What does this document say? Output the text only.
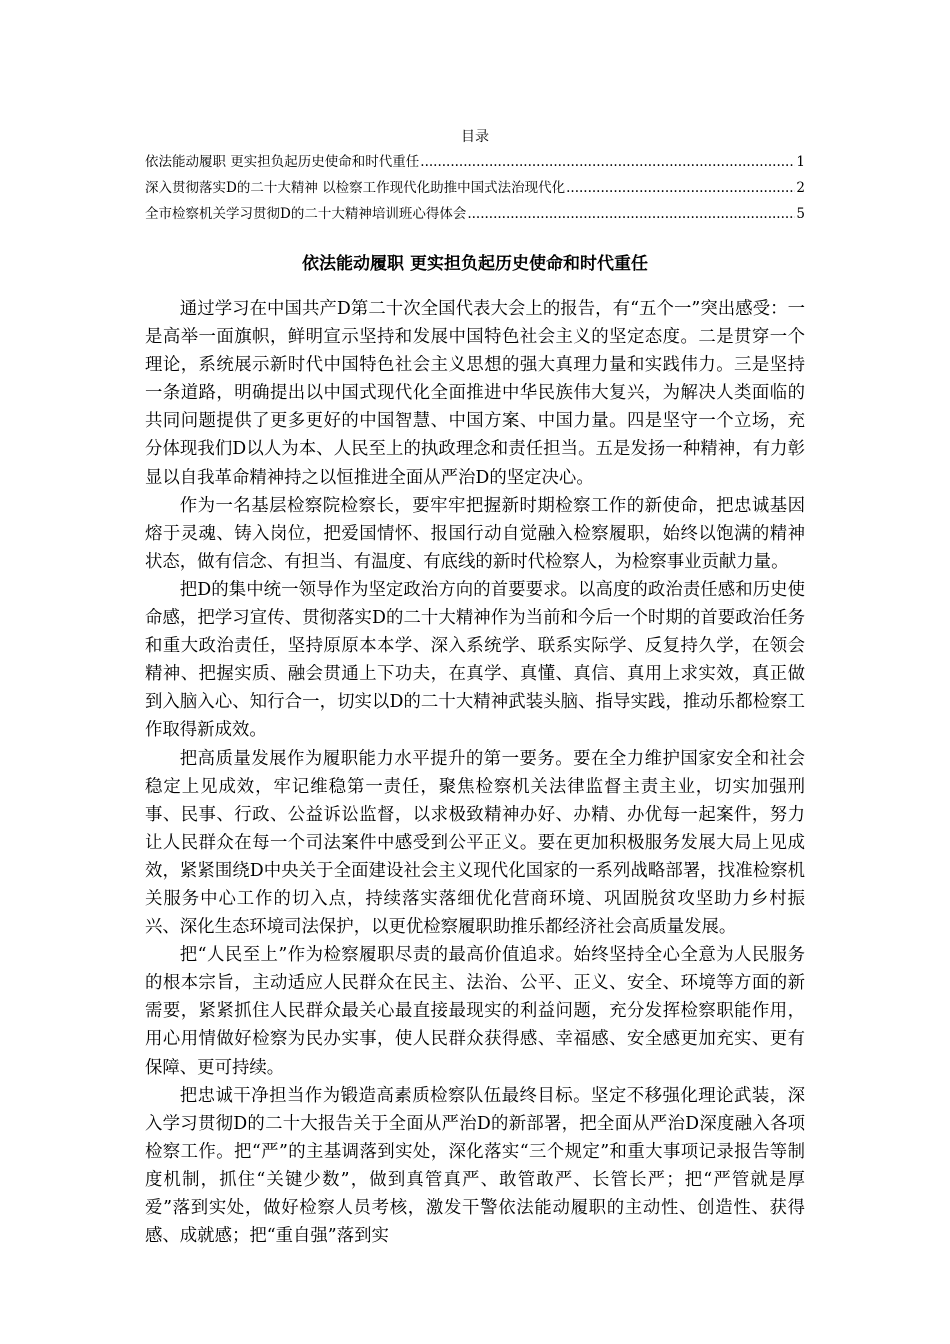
目录
依法能动履职 更实担负起历史使命和时代重任 .....	1
深入贯彻落实D的二十大精神 以检察工作现代化助推中国式法治现代化 .....	2
全市检察机关学习贯彻D的二十大精神培训班心得体会 .....	5
依法能动履职 更实担负起历史使命和时代重任

通过学习在中国共产D第二十次全国代表大会上的报告，有“五个一”突出感受：一是高举一面旗帜，鲜明宣示坚持和发展中国特色社会主义的坚定态度。二是贯穿一个理论，系统展示新时代中国特色社会主义思想的强大真理力量和实践伟力。三是坚持一条道路，明确提出以中国式现代化全面推进中华民族伟大复兴，为解决人类面临的共同问题提供了更多更好的中国智慧、中国方案、中国力量。四是坚守一个立场，充分体现我们D以人为本、人民至上的执政理念和责任担当。五是发扬一种精神，有力彰显以自我革命精神持之以恒推进全面从严治D的坚定决心。

作为一名基层检察院检察长，要牢牢把握新时期检察工作的新使命，把忠诚基因熔于灵魂、铸入岗位，把爱国情怀、报国行动自觉融入检察履职，始终以饱满的精神状态，做有信念、有担当、有温度、有底线的新时代检察人，为检察事业贡献力量。

把D的集中统一领导作为坚定政治方向的首要要求。以高度的政治责任感和历史使命感，把学习宣传、贯彻落实D的二十大精神作为当前和今后一个时期的首要政治任务和重大政治责任，坚持原原本本学、深入系统学、联系实际学、反复持久学，在领会精神、把握实质、融会贯通上下功夫，在真学、真懂、真信、真用上求实效，真正做到入脑入心、知行合一，切实以D的二十大精神武装头脑、指导实践，推动乐都检察工作取得新成效。

把高质量发展作为履职能力水平提升的第一要务。要在全力维护国家安全和社会稳定上见成效，牢记维稳第一责任，聚焦检察机关法律监督主责主业，切实加强刑事、民事、行政、公益诉讼监督，以求极致精神办好、办精、办优每一起案件，努力让人民群众在每一个司法案件中感受到公平正义。要在更加积极服务发展大局上见成效，紧紧围绕D中央关于全面建设社会主义现代化国家的一系列战略部署，找准检察机关服务中心工作的切入点，持续落实落细优化营商环境、巩固脱贫攻坚助力乡村振兴、深化生态环境司法保护，以更优检察履职助推乐都经济社会高质量发展。

把“人民至上”作为检察履职尽责的最高价值追求。始终坚持全心全意为人民服务的根本宗旨，主动适应人民群众在民主、法治、公平、正义、安全、环境等方面的新需要，紧紧抓住人民群众最关心最直接最现实的利益问题，充分发挥检察职能作用，用心用情做好检察为民办实事，使人民群众获得感、幸福感、安全感更加充实、更有保障、更可持续。

把忠诚干净担当作为锻造高素质检察队伍最终目标。坚定不移强化理论武装，深入学习贯彻D的二十大报告关于全面从严治D的新部署，把全面从严治D深度融入各项检察工作。把“严”的主基调落到实处，深化落实“三个规定”和重大事项记录报告等制度机制，抓住“关键少数”，做到真管真严、敢管敢严、长管长严；把“严管就是厚爱”落到实处，做好检察人员考核，激发干警依法能动履职的主动性、创造性、获得感、成就感；把“重自强”落到实
